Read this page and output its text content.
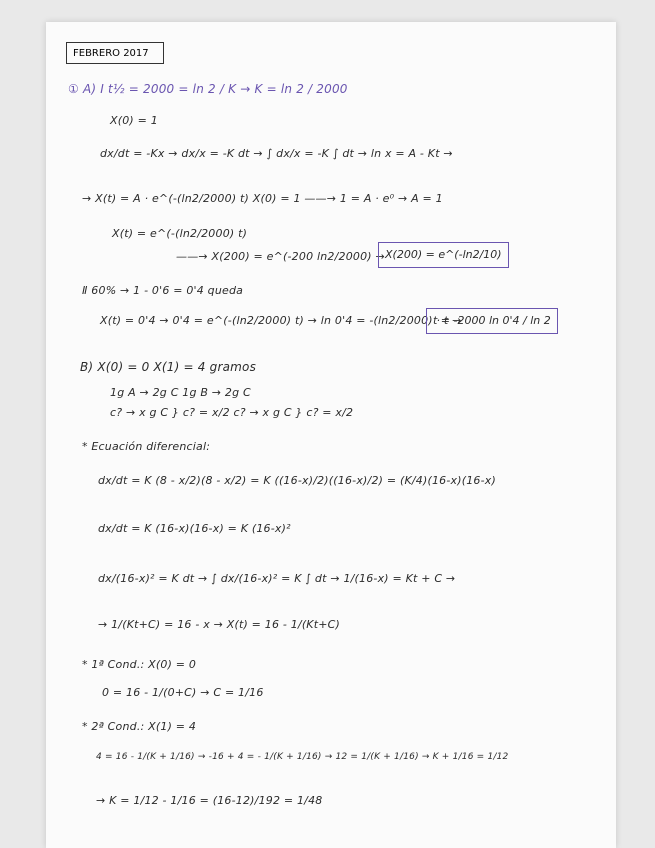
FEBRERO 2017
① A) Ⅰ t½ = 2000 = ln 2 / K → K = ln 2 / 2000
X(0) = 1
dx/dt = -Kx → dx/x = -K dt → ∫ dx/x = -K ∫ dt → ln x = A - Kt →
→ X(t) = A · e^(-(ln2/2000) t) X(0) = 1 ——→ 1 = A · e⁰ → A = 1
X(t) = e^(-(ln2/2000) t)
——→ X(200) = e^(-200 ln2/2000) → X(200) = e^(-ln2/10)
Ⅱ 60% → 1 - 0'6 = 0'4 queda
X(t) = 0'4 → 0'4 = e^(-(ln2/2000) t) → ln 0'4 = -(ln2/2000) · t →
t = -2000 ln 0'4 / ln 2
B) X(0) = 0 X(1) = 4 gramos
1g A → 2g C 1g B → 2g C
c? → x g C } c? = x/2 c? → x g C } c? = x/2
* Ecuación diferencial:
dx/dt = K (8 - x/2)(8 - x/2) = K ((16-x)/2)((16-x)/2) = (K/4)(16-x)(16-x)
dx/dt = K (16-x)(16-x) = K (16-x)²
dx/(16-x)² = K dt → ∫ dx/(16-x)² = K ∫ dt → 1/(16-x) = Kt + C →
→ 1/(Kt+C) = 16 - x → X(t) = 16 - 1/(Kt+C)
* 1ª Cond.: X(0) = 0
0 = 16 - 1/(0+C) → C = 1/16
* 2ª Cond.: X(1) = 4
4 = 16 - 1/(K + 1/16) → -16 + 4 = - 1/(K + 1/16) → 12 = 1/(K + 1/16) → K + 1/16 = 1/12
→ K = 1/12 - 1/16 = (16-12)/192 = 1/48
